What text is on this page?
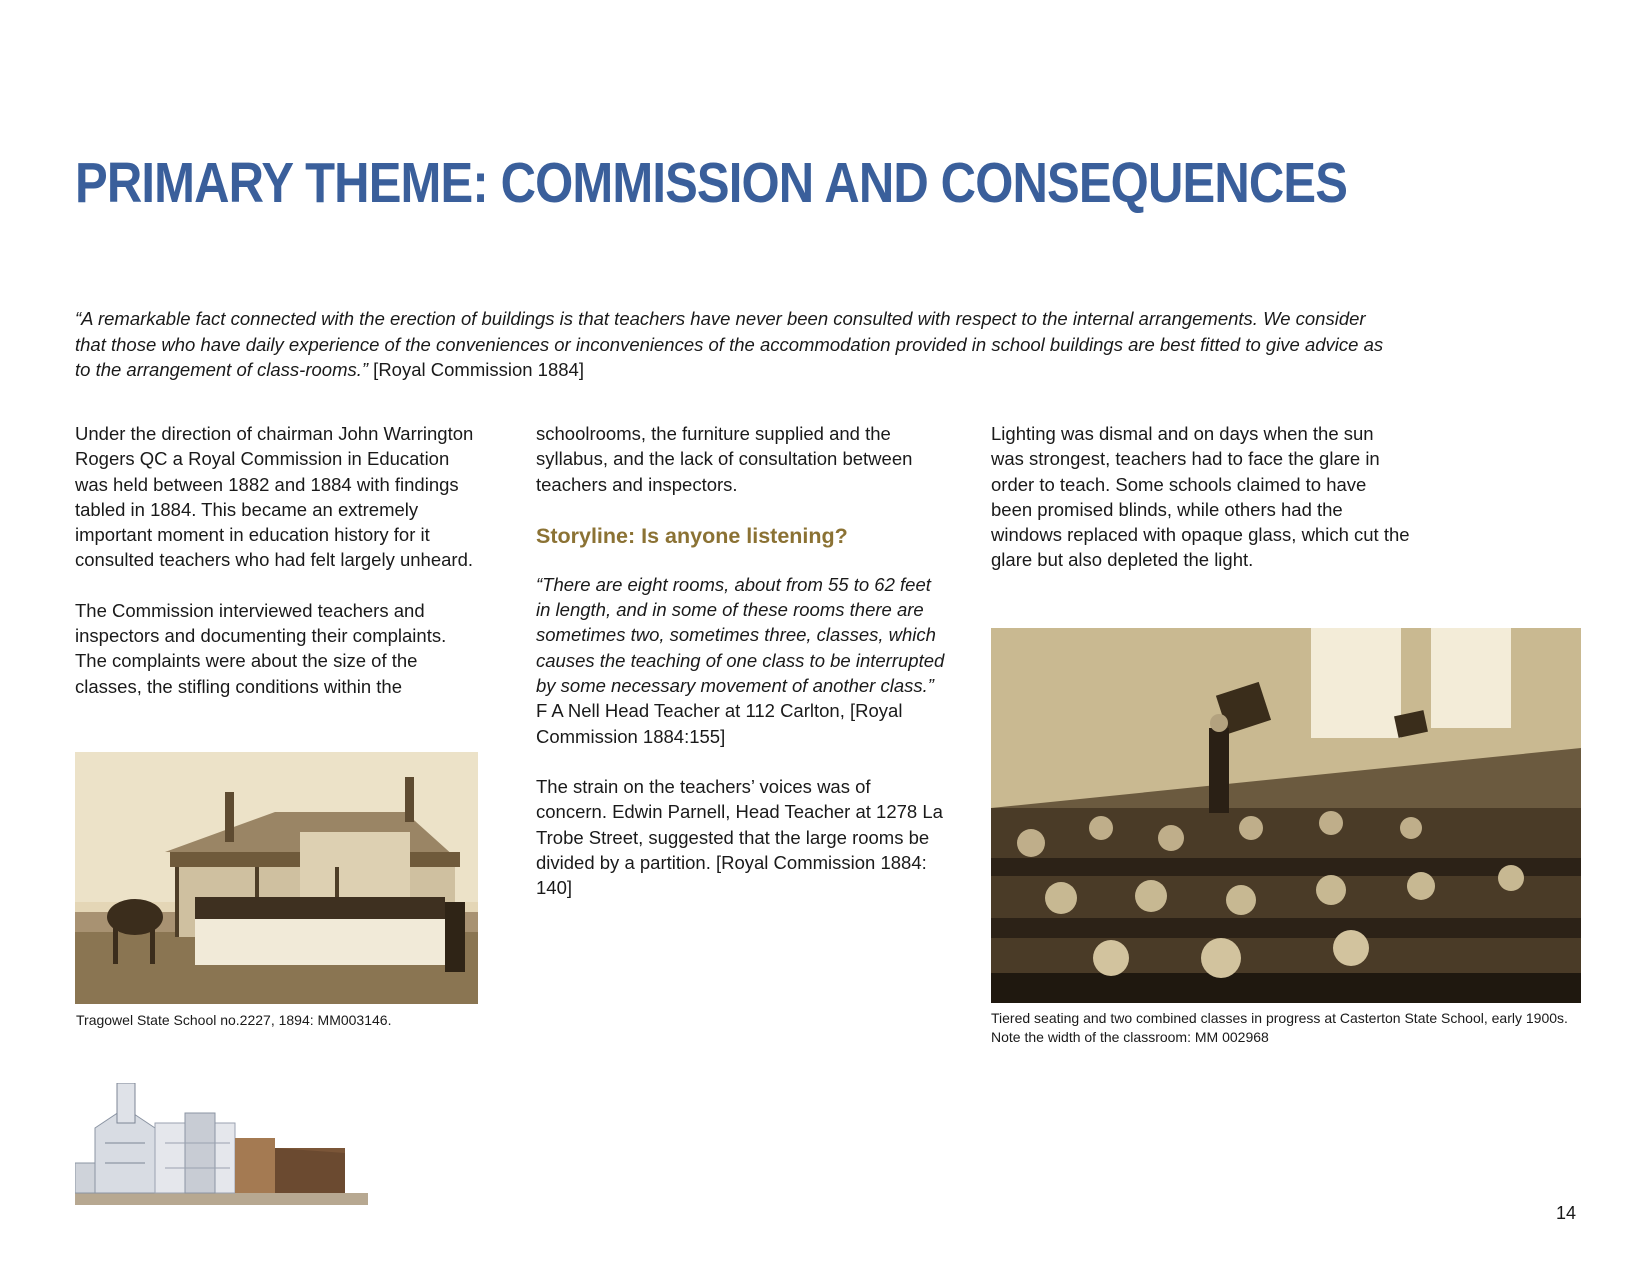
PRIMARY THEME: COMMISSION AND CONSEQUENCES

“A remarkable fact connected with the erection of buildings is that teachers have never been consulted with respect to the internal arrangements. We consider that those who have daily experience of the conveniences or inconveniences of the accommodation provided in school buildings are best fitted to give advice as to the arrangement of class-rooms.” [Royal Commission 1884]

Under the direction of chairman John Warrington Rogers QC a Royal Commission in Education was held between 1882 and 1884 with findings tabled in 1884. This became an extremely important moment in education history for it consulted teachers who had felt largely unheard.

The Commission interviewed teachers and inspectors and documenting their complaints. The complaints were about the size of the classes, the stifling conditions within the

schoolrooms, the furniture supplied and the syllabus, and the lack of consultation between teachers and inspectors.

Storyline: Is anyone listening?

“There are eight rooms, about from 55 to 62 feet in length, and in some of these rooms there are sometimes two, sometimes three, classes, which causes the teaching of one class to be interrupted by some necessary movement of another class.” F A Nell Head Teacher at 112 Carlton, [Royal Commission 1884:155]

The strain on the teachers’ voices was of concern. Edwin Parnell, Head Teacher at 1278 La Trobe Street, suggested that the large rooms be divided by a partition. [Royal Commission 1884: 140]

Lighting was dismal and on days when the sun was strongest, teachers had to face the glare in order to teach. Some schools claimed to have been promised blinds, while others had the windows replaced with opaque glass, which cut the glare but also depleted the light.

Tragowel State School no.2227, 1894: MM003146.	Tiered seating and two combined classes in progress at Casterton State School, early 1900s. Note the width of the classroom: MM 002968

14
